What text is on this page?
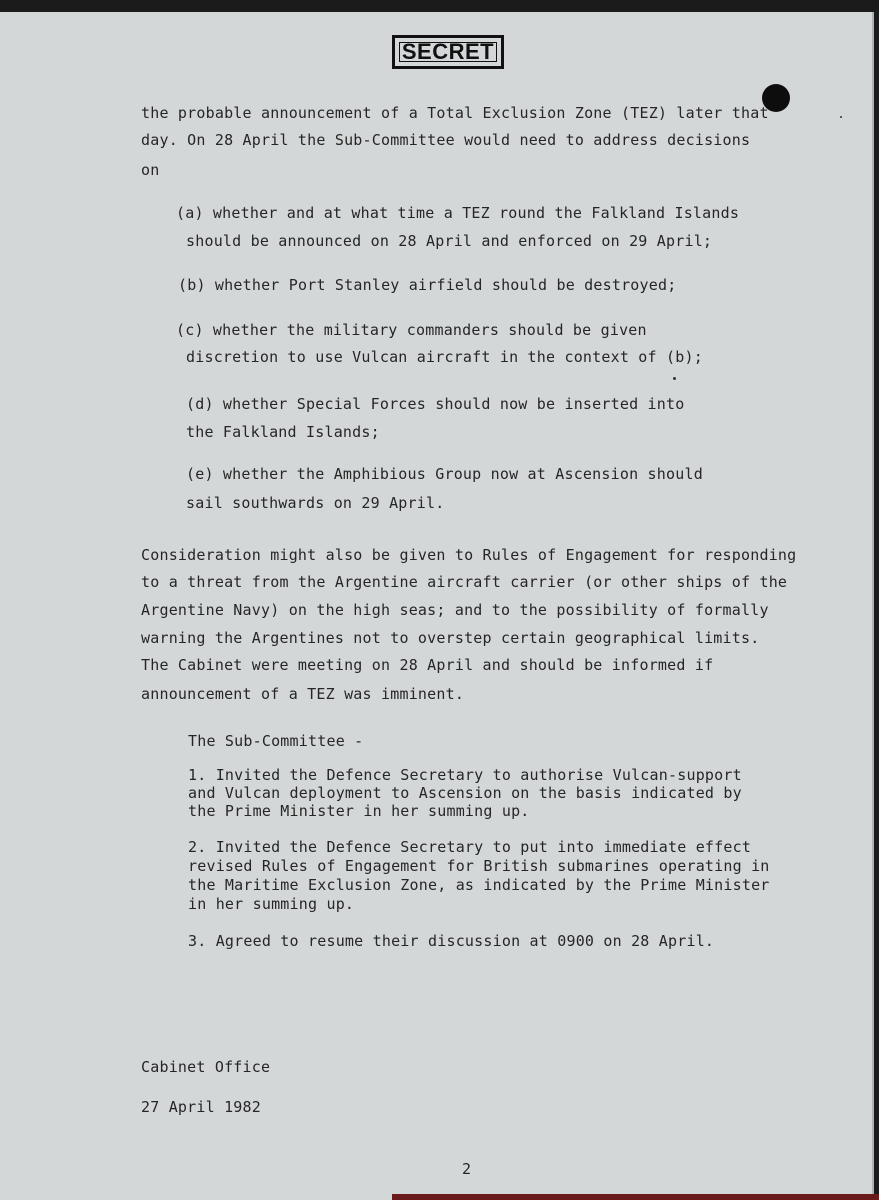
SECRET
the probable announcement of a Total Exclusion Zone (TEZ) later that
day. On 28 April the Sub-Committee would need to address decisions
on
(a) whether and at what time a TEZ round the Falkland Islands
should be announced on 28 April and enforced on 29 April;
(b) whether Port Stanley airfield should be destroyed;
(c) whether the military commanders should be given
discretion to use Vulcan aircraft in the context of (b);
(d) whether Special Forces should now be inserted into
the Falkland Islands;
(e) whether the Amphibious Group now at Ascension should
sail southwards on 29 April.
Consideration might also be given to Rules of Engagement for responding
to a threat from the Argentine aircraft carrier (or other ships of the
Argentine Navy) on the high seas; and to the possibility of formally
warning the Argentines not to overstep certain geographical limits.
The Cabinet were meeting on 28 April and should be informed if
announcement of a TEZ was imminent.
The Sub-Committee -
1. Invited the Defence Secretary to authorise Vulcan-support
and Vulcan deployment to Ascension on the basis indicated by
the Prime Minister in her summing up.
2. Invited the Defence Secretary to put into immediate effect
revised Rules of Engagement for British submarines operating in
the Maritime Exclusion Zone, as indicated by the Prime Minister
in her summing up.
3. Agreed to resume their discussion at 0900 on 28 April.
Cabinet Office
27 April 1982
2
